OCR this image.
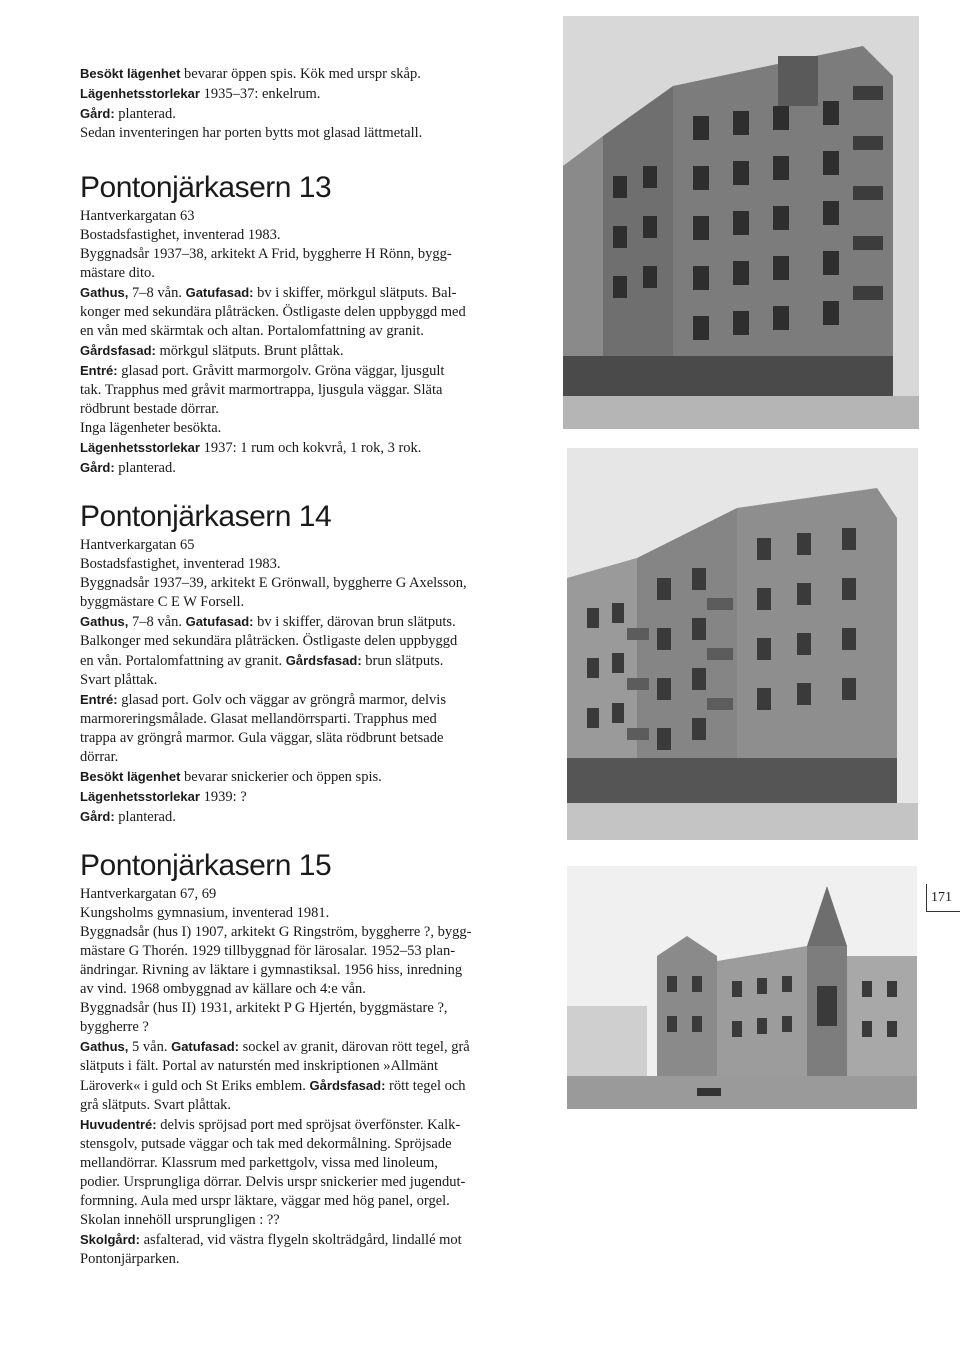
Besökt lägenhet bevarar öppen spis. Kök med urspr skåp.

Lägenhetsstorlekar 1935–37: enkelrum.

Gård: planterad.

Sedan inventeringen har porten bytts mot glasad lättmetall.

Pontonjärkasern 13

Hantverkargatan 63

Bostadsfastighet, inventerad 1983.

Byggnadsår 1937–38, arkitekt A Frid, byggherre H Rönn, bygg-

mästare dito.

Gathus, 7–8 vån. Gatufasad: bv i skiffer, mörkgul slätputs. Bal-

konger med sekundära plåträcken. Östligaste delen uppbyggd med

en vån med skärmtak och altan. Portalomfattning av granit.

Gårdsfasad: mörkgul slätputs. Brunt plåttak.

Entré: glasad port. Gråvitt marmorgolv. Gröna väggar, ljusgult

tak. Trapphus med gråvit marmortrappa, ljusgula väggar. Släta

rödbrunt bestade dörrar.

Inga lägenheter besökta.

Lägenhetsstorlekar 1937: 1 rum och kokvrå, 1 rok, 3 rok.

Gård: planterad.

Pontonjärkasern 14

Hantverkargatan 65

Bostadsfastighet, inventerad 1983.

Byggnadsår 1937–39, arkitekt E Grönwall, byggherre G Axelsson,

byggmästare C E W Forsell.

Gathus, 7–8 vån. Gatufasad: bv i skiffer, därovan brun slätputs.

Balkonger med sekundära plåträcken. Östligaste delen uppbyggd

en vån. Portalomfattning av granit. Gårdsfasad: brun slätputs.

Svart plåttak.

Entré: glasad port. Golv och väggar av gröngrå marmor, delvis

marmoreringsmålade. Glasat mellandörrsparti. Trapphus med

trappa av gröngrå marmor. Gula väggar, släta rödbrunt betsade

dörrar.

Besökt lägenhet bevarar snickerier och öppen spis.

Lägenhetsstorlekar 1939: ?

Gård: planterad.

Pontonjärkasern 15

Hantverkargatan 67, 69

Kungsholms gymnasium, inventerad 1981.

Byggnadsår (hus I) 1907, arkitekt G Ringström, byggherre ?, bygg-

mästare G Thorén. 1929 tillbyggnad för lärosalar. 1952–53 plan-

ändringar. Rivning av läktare i gymnastiksal. 1956 hiss, inredning

av vind. 1968 ombyggnad av källare och 4:e vån.

Byggnadsår (hus II) 1931, arkitekt P G Hjertén, byggmästare ?,

byggherre ?

Gathus, 5 vån. Gatufasad: sockel av granit, därovan rött tegel, grå

slätputs i fält. Portal av naturstén med inskriptionen »Allmänt

Läroverk« i guld och St Eriks emblem. Gårdsfasad: rött tegel och

grå slätputs. Svart plåttak.

Huvudentré: delvis spröjsad port med spröjsat överfönster. Kalk-

stensgolv, putsade väggar och tak med dekormålning. Spröjsade

mellandörrar. Klassrum med parkettgolv, vissa med linoleum,

podier. Ursprungliga dörrar. Delvis urspr snickerier med jugendut-

formning. Aula med urspr läktare, väggar med hög panel, orgel.

Skolan innehöll ursprungligen : ??

Skolgård: asfalterad, vid västra flygeln skolträdgård, lindallé mot

Pontonjärparken.

171
